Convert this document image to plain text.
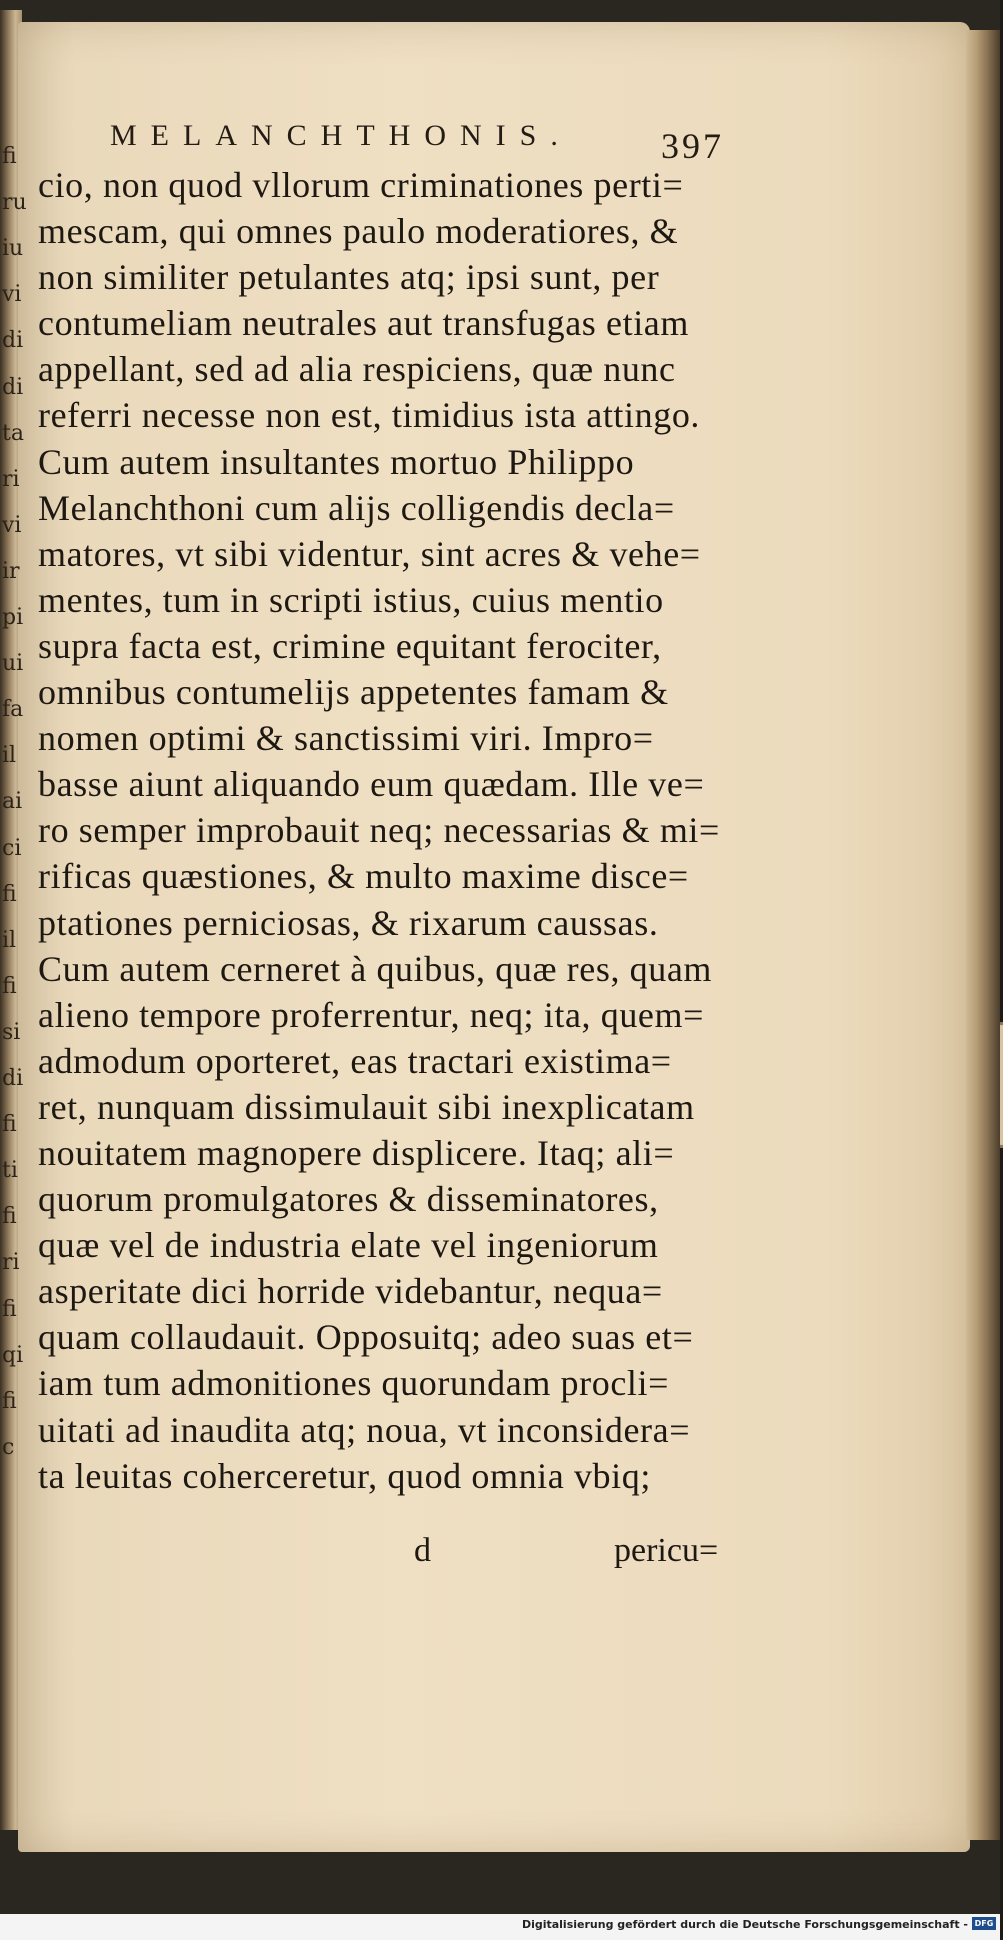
MELANCHTHONIS. 397
cio, non quod vllorum criminationes perti=
mescam, qui omnes paulo moderatiores, &
non similiter petulantes atq; ipsi sunt, per
contumeliam neutrales aut transfugas etiam
appellant, sed ad alia respiciens, quæ nunc
referri necesse non est, timidius ista attingo.
Cum autem insultantes mortuo Philippo
Melanchthoni cum alijs colligendis decla=
matores, vt sibi videntur, sint acres & vehe=
mentes, tum in scripti istius, cuius mentio
supra facta est, crimine equitant ferociter,
omnibus contumelijs appetentes famam &
nomen optimi & sanctissimi viri. Impro=
basse aiunt aliquando eum quædam. Ille ve=
ro semper improbauit neq; necessarias & mi=
rificas quæstiones, & multo maxime disce=
ptationes perniciosas, & rixarum caussas.
Cum autem cerneret à quibus, quæ res, quam
alieno tempore proferrentur, neq; ita, quem=
admodum oporteret, eas tractari existima=
ret, nunquam dissimulauit sibi inexplicatam
nouitatem magnopere displicere. Itaq; ali=
quorum promulgatores & disseminatores,
quæ vel de industria elate vel ingeniorum
asperitate dici horride videbantur, nequa=
quam collaudauit. Opposuitq; adeo suas et=
iam tum admonitiones quorundam procli=
uitati ad inaudita atq; noua, vt inconsidera=
ta leuitas coherceretur, quod omnia vbiq;
d	pericu=
fi
ru
iu
vi
di
di
ta
ri
vi
ir
pi
ui
fa
il
ai
ci
fi
il
fi
si
di
fi
ti
fi
ri
fi
qi
fi
c
Digitalisierung gefördert durch die Deutsche Forschungsgemeinschaft - DFG
